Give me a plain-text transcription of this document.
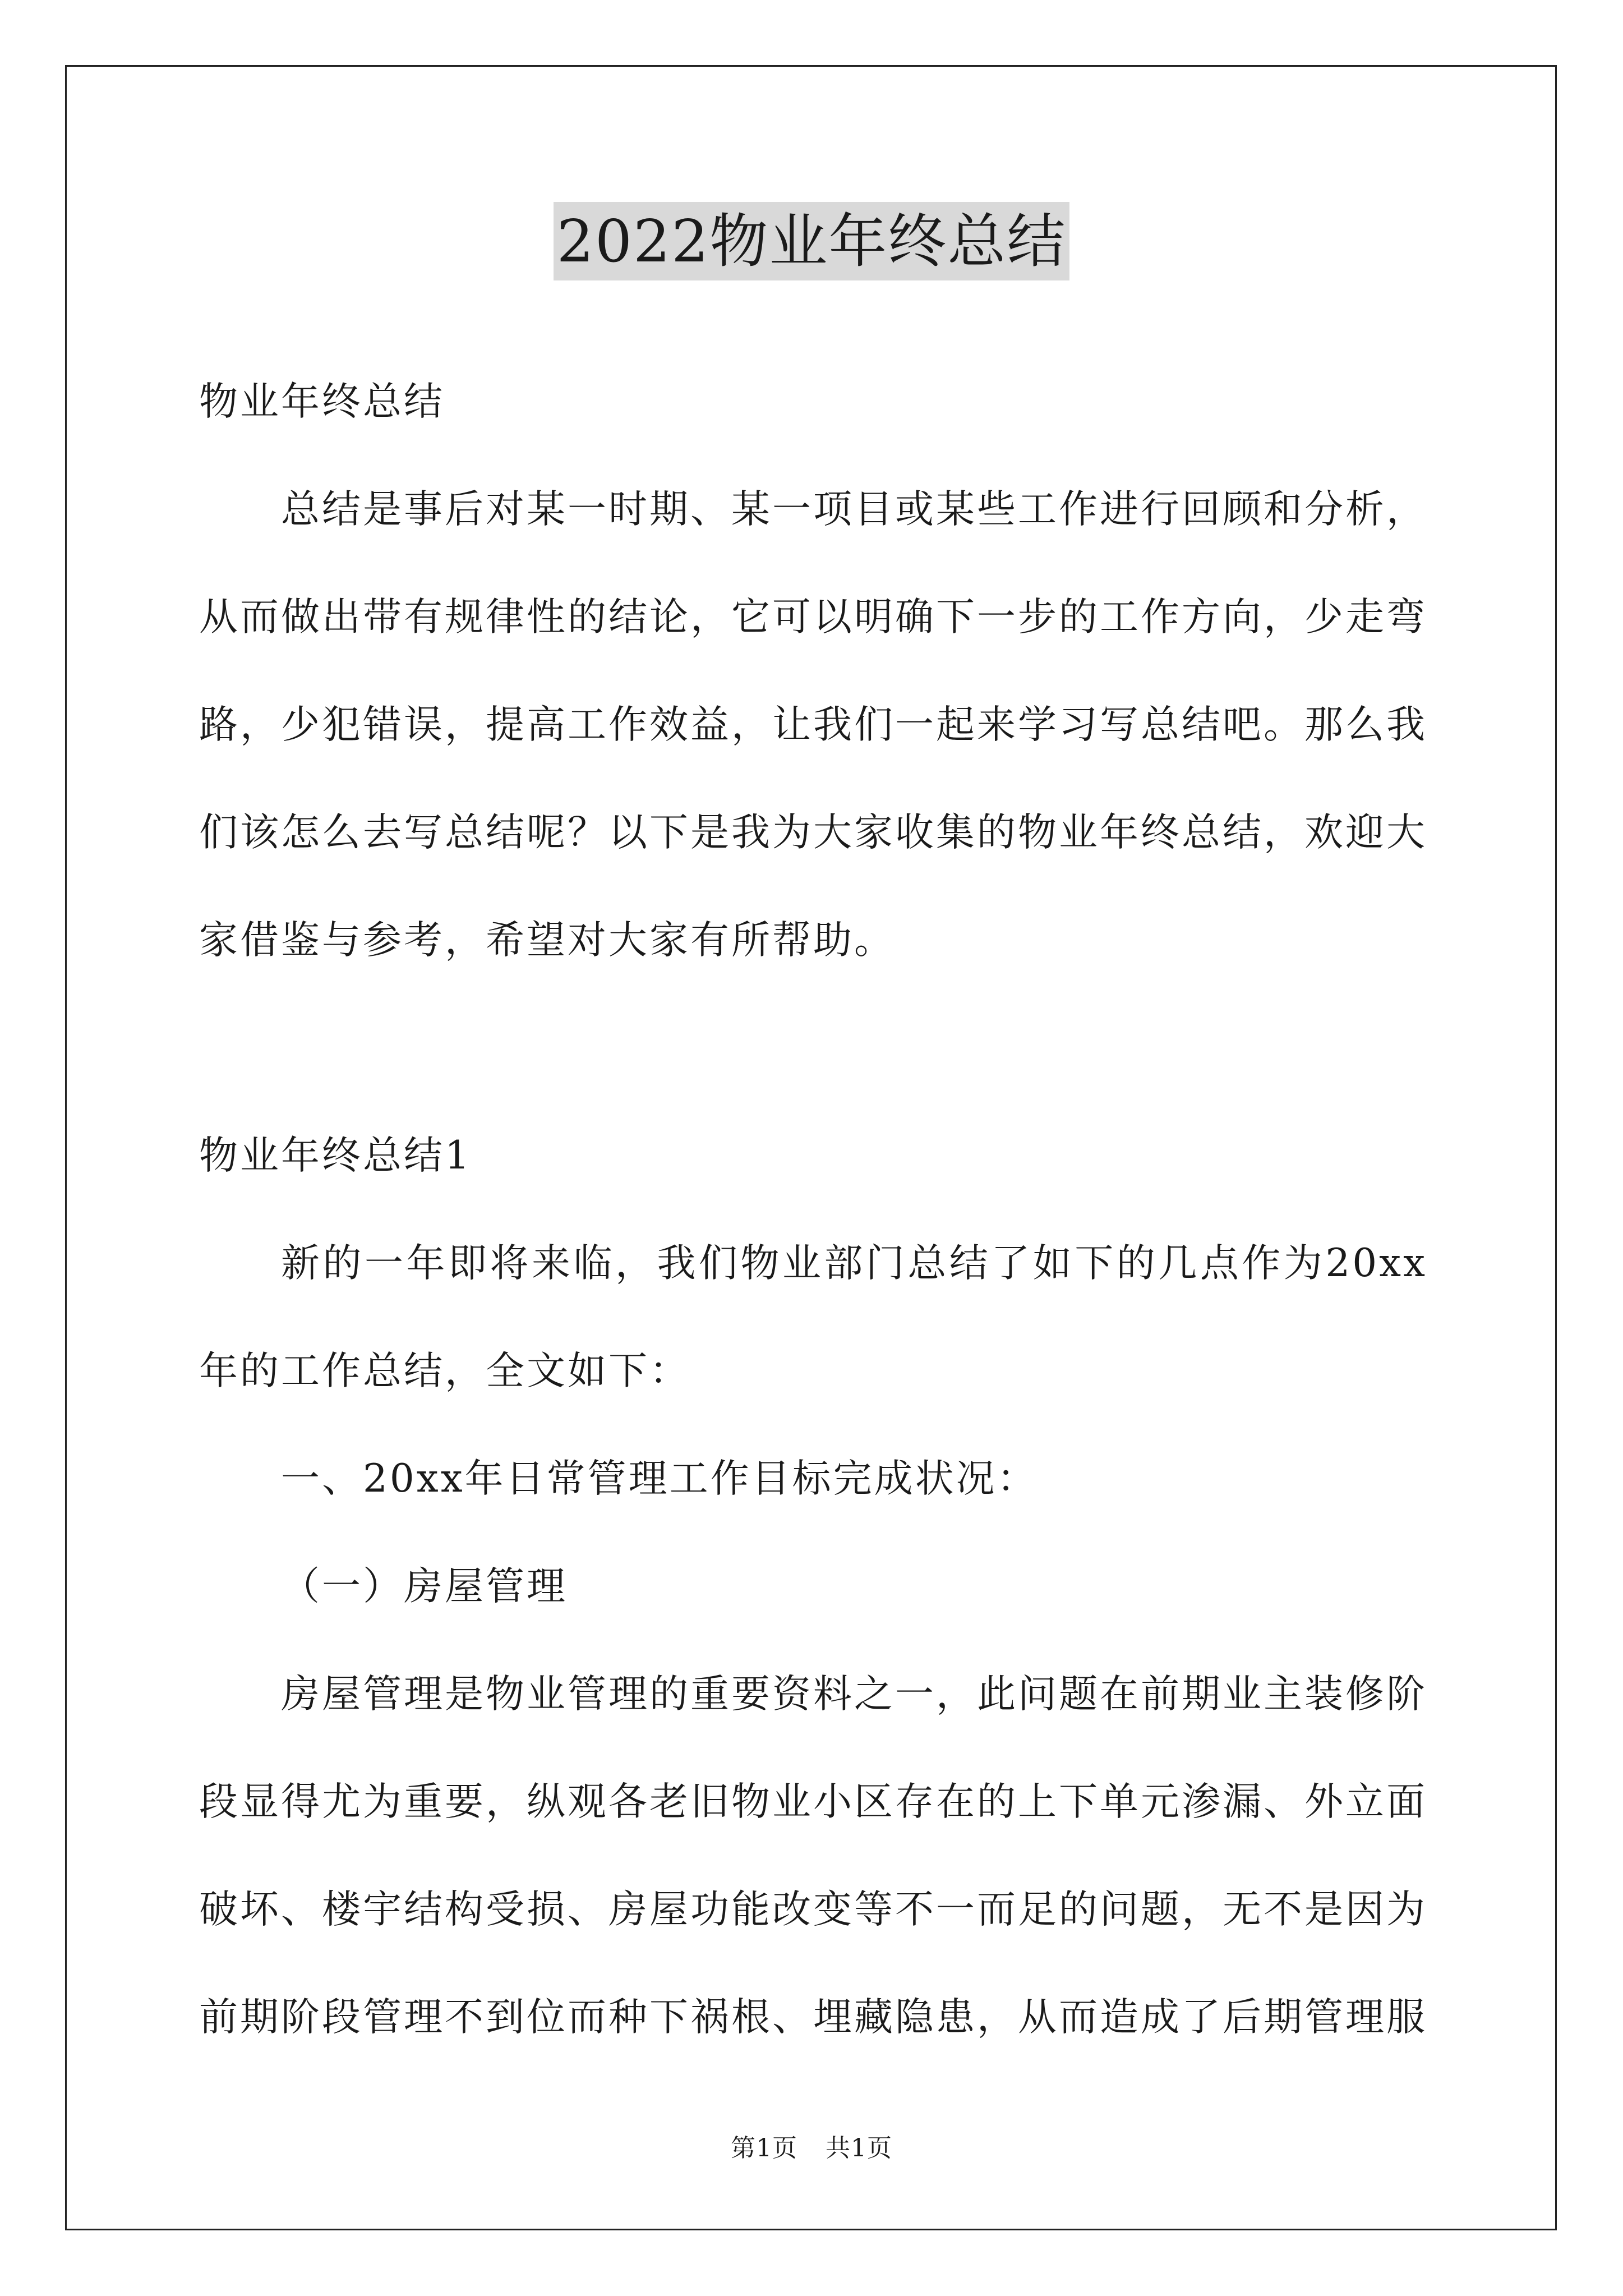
2022物业年终总结

物业年终总结

总结是事后对某一时期、某一项目或某些工作进行回顾和分析，从而做出带有规律性的结论，它可以明确下一步的工作方向，少走弯路，少犯错误，提高工作效益，让我们一起来学习写总结吧。那么我们该怎么去写总结呢？以下是我为大家收集的物业年终总结，欢迎大家借鉴与参考，希望对大家有所帮助。

物业年终总结1

新的一年即将来临，我们物业部门总结了如下的几点作为20xx年的工作总结，全文如下：

一、20xx年日常管理工作目标完成状况：

（一）房屋管理

房屋管理是物业管理的重要资料之一，此问题在前期业主装修阶段显得尤为重要，纵观各老旧物业小区存在的上下单元渗漏、外立面破坏、楼宇结构受损、房屋功能改变等不一而足的问题，无不是因为前期阶段管理不到位而种下祸根、埋藏隐患，从而造成了后期管理服

第1页 共1页
